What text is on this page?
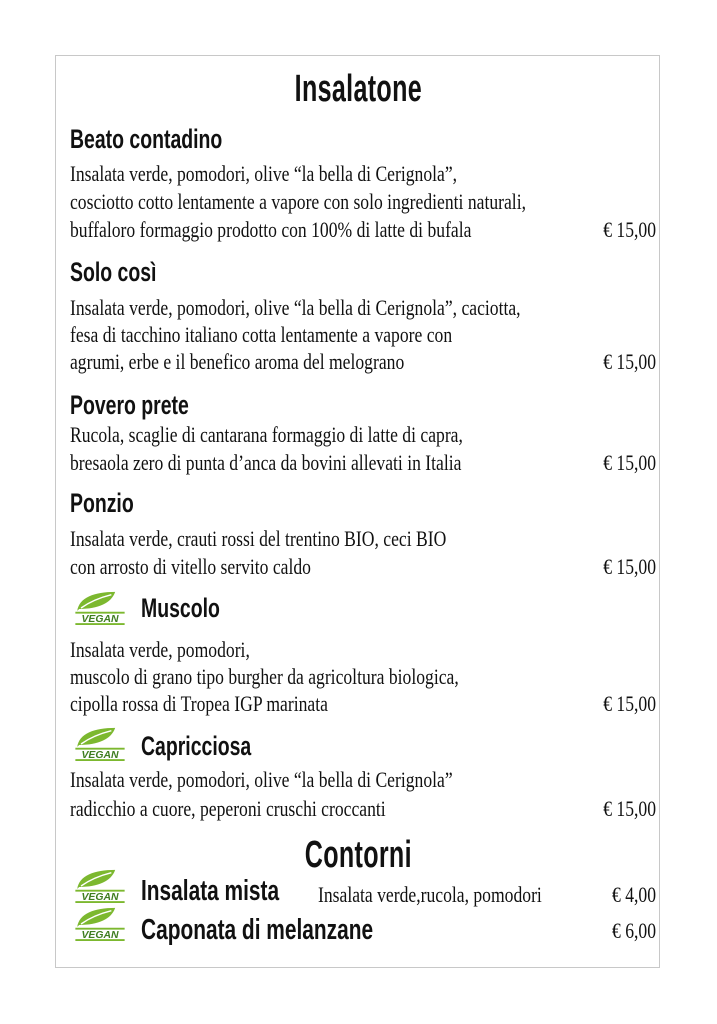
Insalatone
Beato contadino
Insalata verde, pomodori, olive “la bella di Cerignola”,
cosciotto cotto lentamente a vapore con solo ingredienti naturali,
buffaloro formaggio prodotto con 100% di latte di bufala	€ 15,00
Solo così
Insalata verde, pomodori, olive “la bella di Cerignola”, caciotta,
fesa di tacchino italiano cotta lentamente a vapore con
agrumi, erbe e il benefico aroma del melograno	€ 15,00
Povero prete
Rucola, scaglie di cantarana formaggio di latte di capra,
bresaola zero di punta d’anca da bovini allevati in Italia	€ 15,00
Ponzio
Insalata verde, crauti rossi del trentino BIO, ceci BIO
con arrosto di vitello servito caldo	€ 15,00
VEGAN Muscolo
Insalata verde, pomodori,
muscolo di grano tipo burgher da agricoltura biologica,
cipolla rossa di Tropea IGP marinata	€ 15,00
VEGAN Capricciosa
Insalata verde, pomodori, olive “la bella di Cerignola”
radicchio a cuore, peperoni cruschi croccanti	€ 15,00
Contorni
VEGAN Insalata mista Insalata verde,rucola, pomodori	€ 4,00
VEGAN Caponata di melanzane	€ 6,00
